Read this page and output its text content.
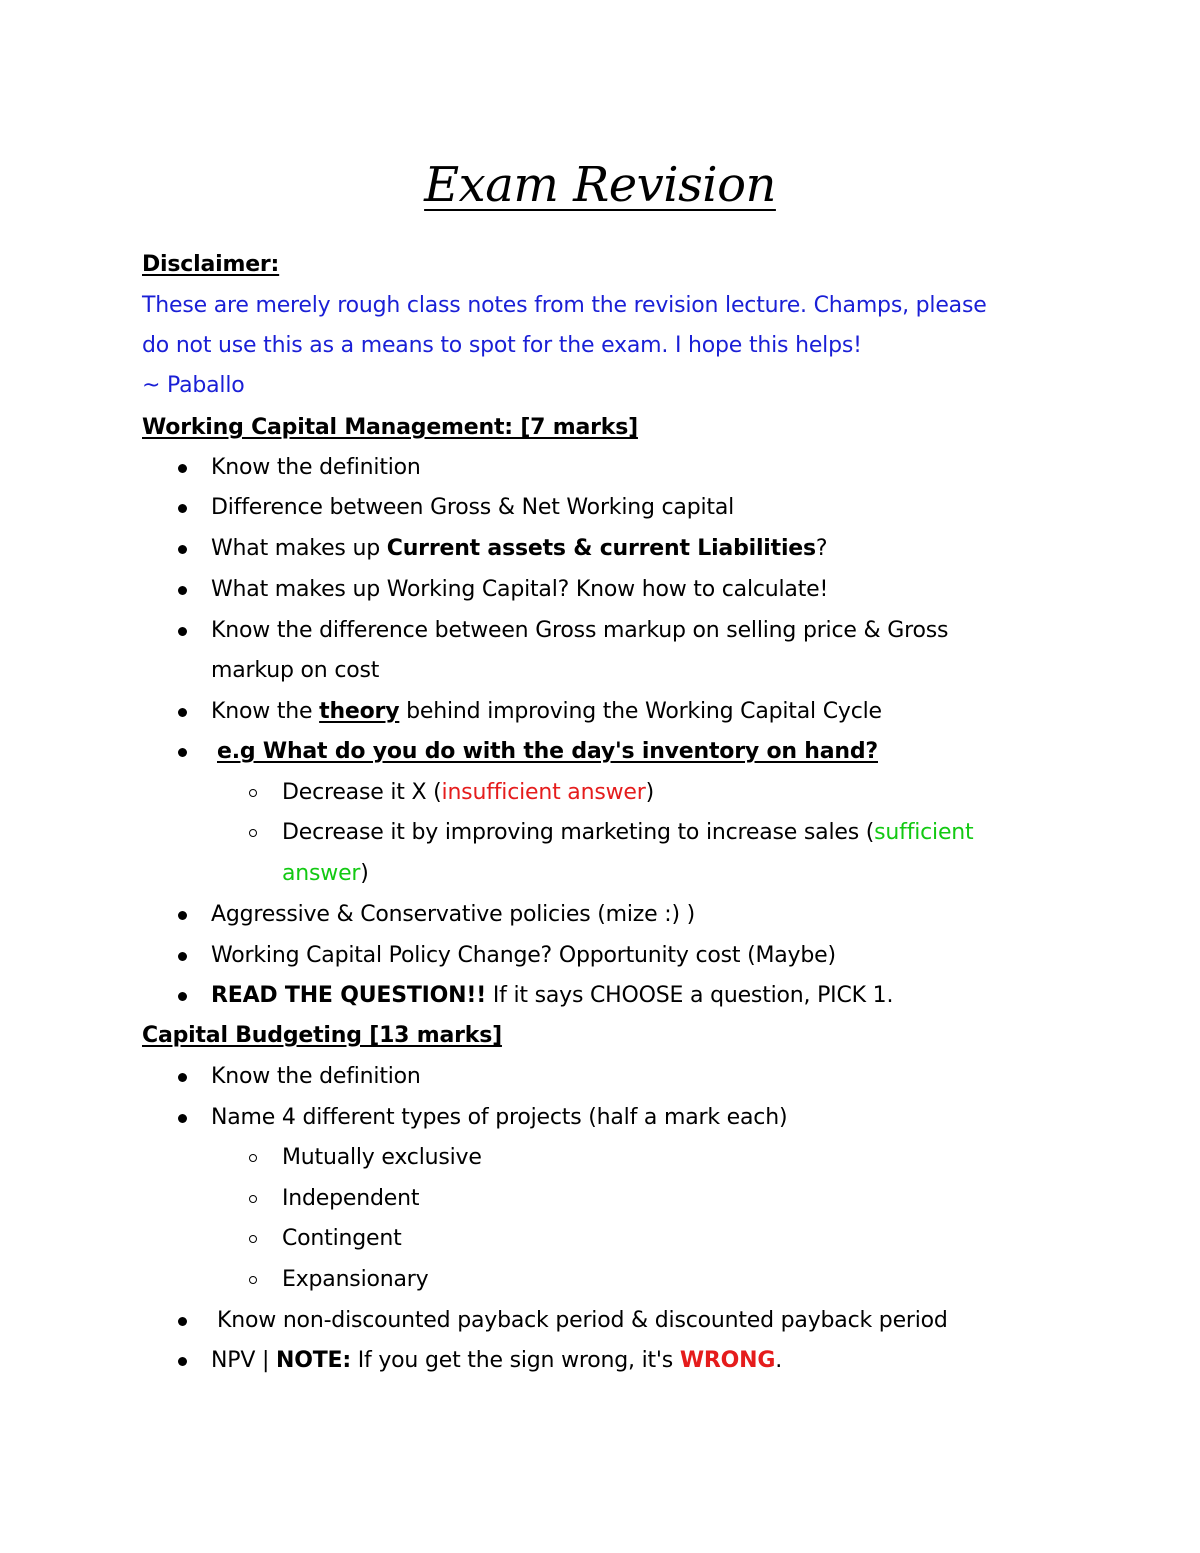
Exam Revision
Disclaimer:
These are merely rough class notes from the revision lecture. Champs, please
do not use this as a means to spot for the exam. I hope this helps!
~ Paballo
Working Capital Management: [7 marks]
Know the definition
Difference between Gross & Net Working capital
What makes up Current assets & current Liabilities?
What makes up Working Capital? Know how to calculate!
Know the difference between Gross markup on selling price & Gross
markup on cost
Know the theory behind improving the Working Capital Cycle
e.g What do you do with the day's inventory on hand?
Decrease it X (insufficient answer)
Decrease it by improving marketing to increase sales (sufficient
answer)
Aggressive & Conservative policies (mize :) )
Working Capital Policy Change? Opportunity cost (Maybe)
READ THE QUESTION!! If it says CHOOSE a question, PICK 1.
Capital Budgeting [13 marks]
Know the definition
Name 4 different types of projects (half a mark each)
Mutually exclusive
Independent
Contingent
Expansionary
Know non-discounted payback period & discounted payback period
NPV | NOTE: If you get the sign wrong, it's WRONG.
